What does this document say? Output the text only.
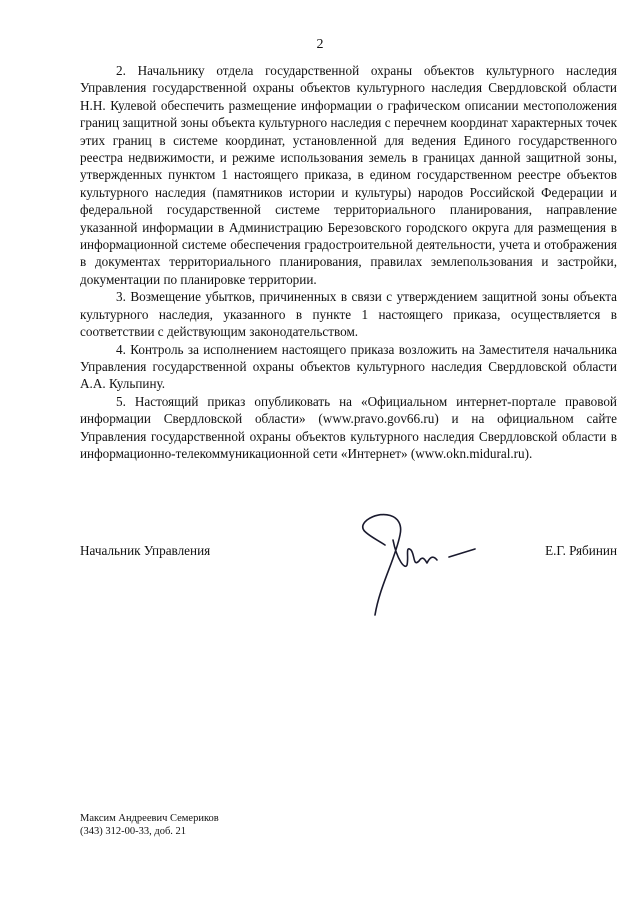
2

2. Начальнику отдела государственной охраны объектов культурного наследия Управления государственной охраны объектов культурного наследия Свердловской области Н.Н. Кулевой обеспечить размещение информации о графическом описании местоположения границ защитной зоны объекта культурного наследия с перечнем координат характерных точек этих границ в системе координат, установленной для ведения Единого государственного реестра недвижимости, и режиме использования земель в границах данной защитной зоны, утвержденных пунктом 1 настоящего приказа, в едином государственном реестре объектов культурного наследия (памятников истории и культуры) народов Российской Федерации и федеральной государственной системе территориального планирования, направление указанной информации в Администрацию Березовского городского округа для размещения в информационной системе обеспечения градостроительной деятельности, учета и отображения в документах территориального планирования, правилах землепользования и застройки, документации по планировке территории.

3. Возмещение убытков, причиненных в связи с утверждением защитной зоны объекта культурного наследия, указанного в пункте 1 настоящего приказа, осуществляется в соответствии с действующим законодательством.

4. Контроль за исполнением настоящего приказа возложить на Заместителя начальника Управления государственной охраны объектов культурного наследия Свердловской области А.А. Кульпину.

5. Настоящий приказ опубликовать на «Официальном интернет-портале правовой информации Свердловской области» (www.pravo.gov66.ru) и на официальном сайте Управления государственной охраны объектов культурного наследия Свердловской области в информационно-телекоммуникационной сети «Интернет» (www.okn.midural.ru).

Начальник Управления	Е.Г. Рябинин
Максим Андреевич Семериков
(343) 312-00-33, доб. 21
